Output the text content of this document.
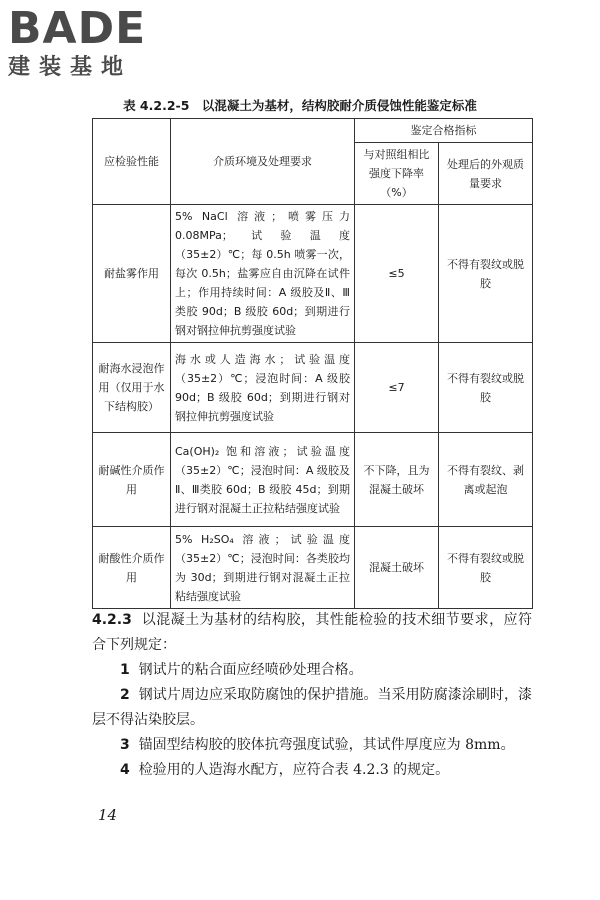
BADE
建装基地
表 4.2.2-5　以混凝土为基材，结构胶耐介质侵蚀性能鉴定标准
应检验性能	介质环境及处理要求	鉴定合格指标	
		与对照组相比强度下降率（%）	处理后的外观质量要求
耐盐雾作用	5% NaCl 溶液；喷雾压力 0.08MPa；试验温度（35±2）℃；每 0.5h 喷雾一次，每次 0.5h；盐雾应自由沉降在试件上；作用持续时间：A 级胶及Ⅱ、Ⅲ类胶 90d；B 级胶 60d；到期进行钢对钢拉伸抗剪强度试验	≤5	不得有裂纹或脱胶
耐海水浸泡作用（仅用于水下结构胶）	海水或人造海水；试验温度（35±2）℃；浸泡时间：A 级胶 90d；B 级胶 60d；到期进行钢对钢拉伸抗剪强度试验	≤7	不得有裂纹或脱胶
耐碱性介质作用	Ca(OH)₂ 饱和溶液；试验温度（35±2）℃；浸泡时间：A 级胶及Ⅱ、Ⅲ类胶 60d；B 级胶 45d；到期进行钢对混凝土正拉粘结强度试验	不下降，且为混凝土破坏	不得有裂纹、剥离或起泡
耐酸性介质作用	5% H₂SO₄ 溶液；试验温度（35±2）℃；浸泡时间：各类胶均为 30d；到期进行钢对混凝土正拉粘结强度试验	混凝土破坏	不得有裂纹或脱胶

4.2.3 以混凝土为基材的结构胶，其性能检验的技术细节要求，应符合下列规定：

1 钢试片的粘合面应经喷砂处理合格。

2 钢试片周边应采取防腐蚀的保护措施。当采用防腐漆涂刷时，漆层不得沾染胶层。

3 锚固型结构胶的胶体抗弯强度试验，其试件厚度应为 8mm。

4 检验用的人造海水配方，应符合表 4.2.3 的规定。

14
